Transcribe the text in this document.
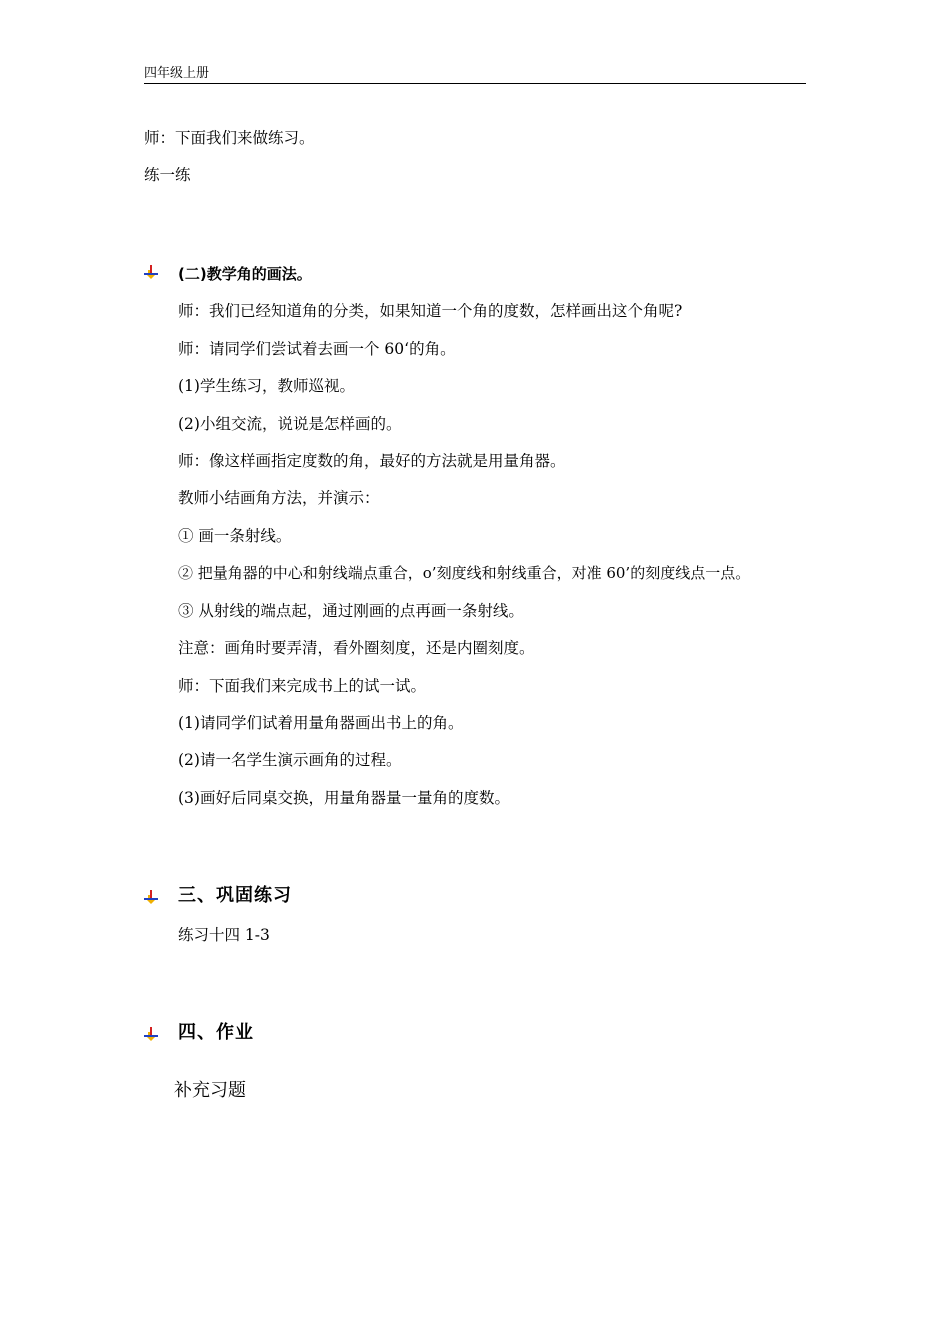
四年级上册
师：下面我们来做练习。
练一练
(二)教学角的画法。
师：我们已经知道角的分类，如果知道一个角的度数，怎样画出这个角呢?
师：请同学们尝试着去画一个 60‘的角。
(1)学生练习，教师巡视。
(2)小组交流，说说是怎样画的。
师：像这样画指定度数的角，最好的方法就是用量角器。
教师小结画角方法，并演示：
① 画一条射线。
② 把量角器的中心和射线端点重合，o’刻度线和射线重合，对准 60’的刻度线点一点。
③ 从射线的端点起，通过刚画的点再画一条射线。
注意：画角时要弄清，看外圈刻度，还是内圈刻度。
师：下面我们来完成书上的试一试。
(1)请同学们试着用量角器画出书上的角。
(2)请一名学生演示画角的过程。
(3)画好后同桌交换，用量角器量一量角的度数。
三、巩固练习
练习十四 1-3
四、作业
补充习题
